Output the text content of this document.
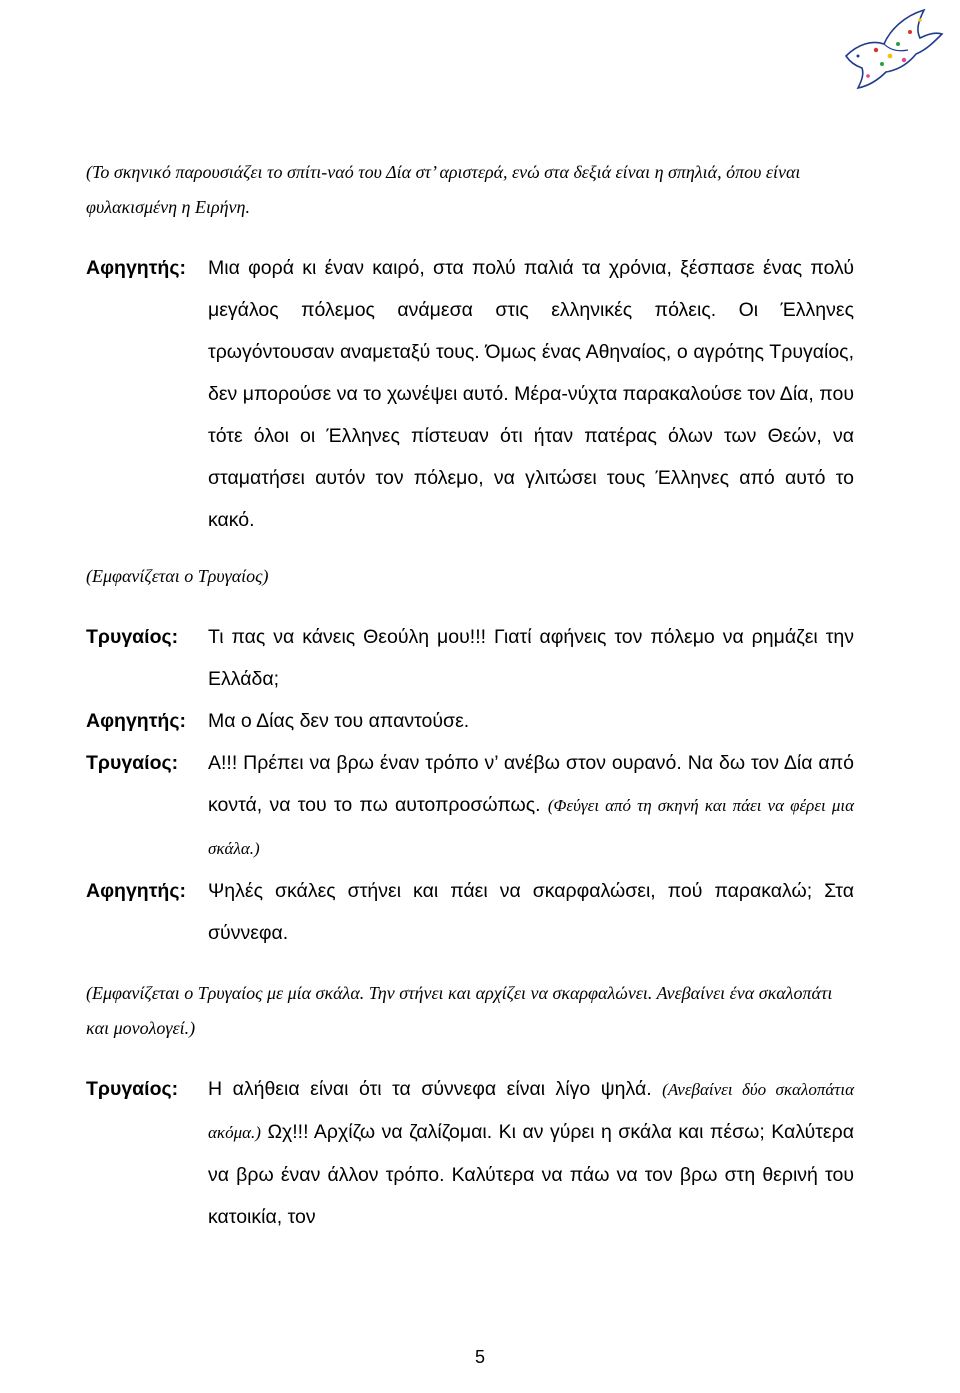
(Το σκηνικό παρουσιάζει το σπίτι-ναό του Δία στ’ αριστερά, ενώ στα δεξιά είναι η σπηλιά, όπου είναι φυλακισμένη η Ειρήνη.

Αφηγητής:	Μια φορά κι έναν καιρό, στα πολύ παλιά τα χρόνια, ξέσπασε ένας πολύ μεγάλος πόλεμος ανάμεσα στις ελληνικές πόλεις. Οι Έλληνες τρωγόντουσαν αναμεταξύ τους. Όμως ένας Αθηναίος, ο αγρότης Τρυγαίος, δεν μπορούσε να το χωνέψει αυτό. Μέρα-νύχτα παρακαλούσε τον Δία, που τότε όλοι οι Έλληνες πίστευαν ότι ήταν πατέρας όλων των Θεών, να σταματήσει αυτόν τον πόλεμο, να γλιτώσει τους Έλληνες από αυτό το κακό.

(Εμφανίζεται ο Τρυγαίος)

Τρυγαίος:	Τι πας να κάνεις Θεούλη μου!!! Γιατί αφήνεις τον πόλεμο να ρημάζει την Ελλάδα;
Αφηγητής:	Μα ο Δίας δεν του απαντούσε.
Τρυγαίος:	Α!!! Πρέπει να βρω έναν τρόπο ν’ ανέβω στον ουρανό. Να δω τον Δία από κοντά, να του το πω αυτοπροσώπως. (Φεύγει από τη σκηνή και πάει να φέρει μια σκάλα.)
Αφηγητής:	Ψηλές σκάλες στήνει και πάει να σκαρφαλώσει, πού παρακαλώ; Στα σύννεφα.

(Εμφανίζεται ο Τρυγαίος με μία σκάλα. Την στήνει και αρχίζει να σκαρφαλώνει. Ανεβαίνει ένα σκαλοπάτι και μονολογεί.)

Τρυγαίος:	Η αλήθεια είναι ότι τα σύννεφα είναι λίγο ψηλά. (Ανεβαίνει δύο σκαλοπάτια ακόμα.) Ωχ!!! Αρχίζω να ζαλίζομαι. Κι αν γύρει η σκάλα και πέσω; Καλύτερα να βρω έναν άλλον τρόπο. Καλύτερα να πάω να τον βρω στη θερινή του κατοικία, τον
5
